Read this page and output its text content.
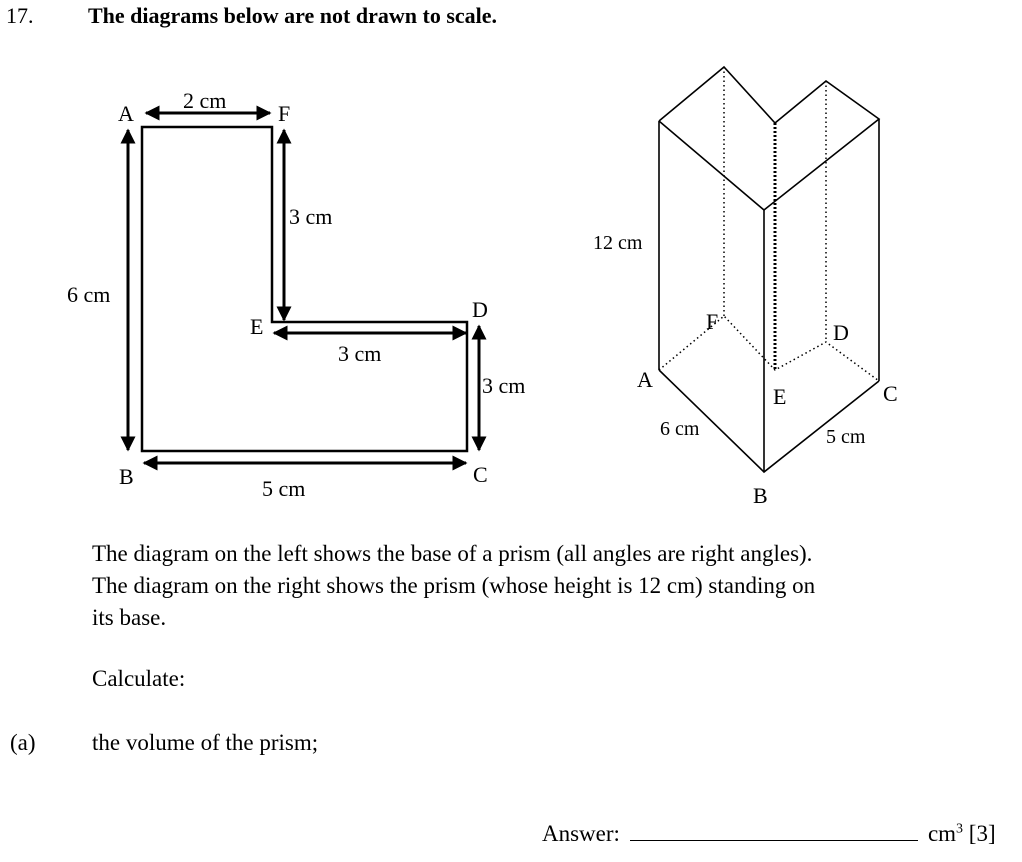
17. The diagrams below are not drawn to scale.
A	F
E
D
C
B
2 cm
3 cm
6 cm
3 cm
3 cm
5 cm
12 cm
F	D
A
E	C
6 cm	5 cm
B
The diagram on the left shows the base of a prism (all angles are right angles).
The diagram on the right shows the prism (whose height is 12 cm) standing on
its base.
Calculate:
(a) the volume of the prism;
Answer:	$cm^3$ [3]
